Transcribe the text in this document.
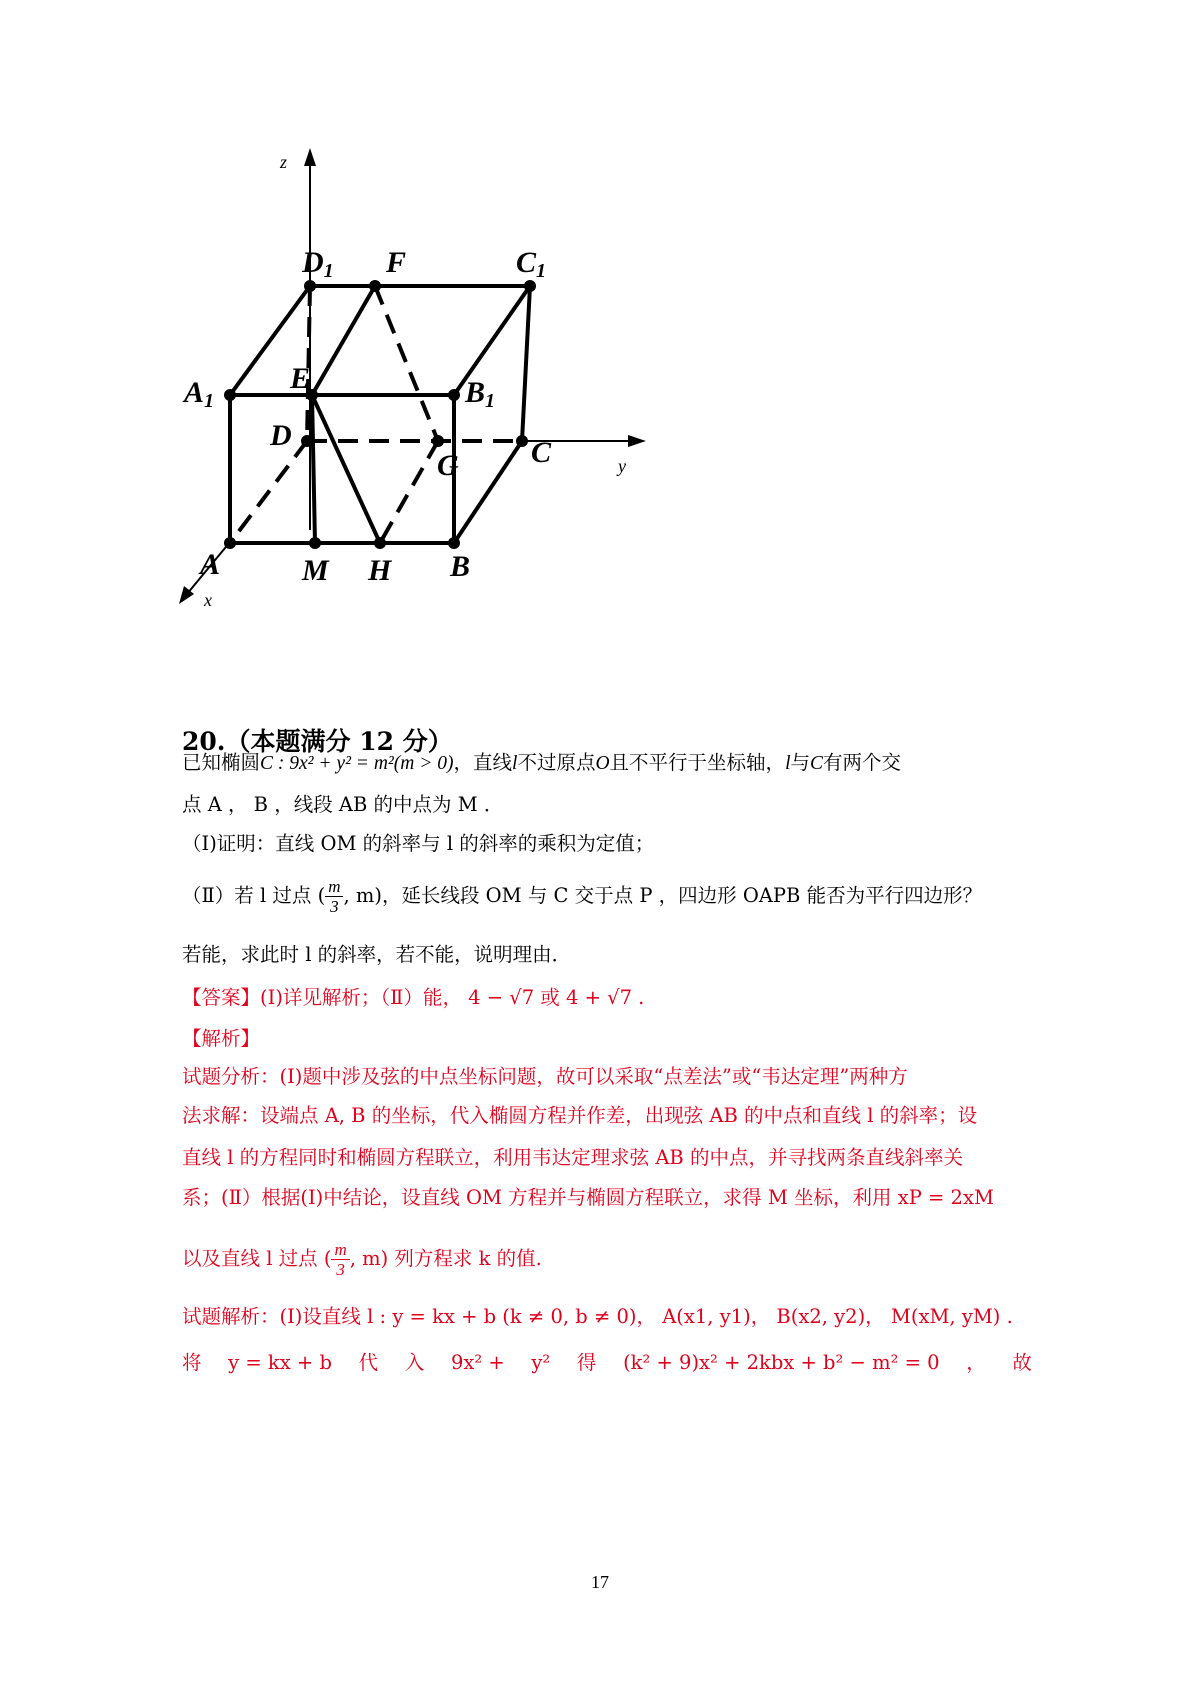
D1 F	C1
A1
E	B1
D
G C
A	M H B
z
y
x
20.（本题满分 12 分）
已知椭圆C : 9x² + y² = m²(m > 0)，直线l不过原点O且不平行于坐标轴，l与C有两个交
点 A ， B ，线段 AB 的中点为 M ．
（Ⅰ)证明：直线 OM 的斜率与 l 的斜率的乘积为定值；
（Ⅱ）若 l 过点 ( $\frac{m}{3}$ , m)，延长线段 OM 与 C 交于点 P ，四边形 OAPB 能否为平行四边形？
若能，求此时 l 的斜率，若不能，说明理由．
【答案】(Ⅰ)详见解析；（Ⅱ）能， 4 − √7 或 4 + √7 .
【解析】
试题分析：(Ⅰ)题中涉及弦的中点坐标问题，故可以采取“点差法”或“韦达定理”两种方
法求解：设端点 A, B 的坐标，代入椭圆方程并作差，出现弦 AB 的中点和直线 l 的斜率；设
直线 l 的方程同时和椭圆方程联立，利用韦达定理求弦 AB 的中点，并寻找两条直线斜率关
系；(Ⅱ）根据(Ⅰ)中结论，设直线 OM 方程并与椭圆方程联立，求得 M 坐标，利用 xP = 2xM
以及直线 l 过点 ( $\frac{m}{3}$ , m) 列方程求 k 的值.
试题解析：(Ⅰ)设直线 l : y = kx + b (k ≠ 0, b ≠ 0)， A(x1, y1)， B(x2, y2)， M(xM, yM) .
将 y = kx + b 代 入 9x² + y² 得 (k² + 9)x² + 2kbx + b² − m² = 0 ， 故
17
